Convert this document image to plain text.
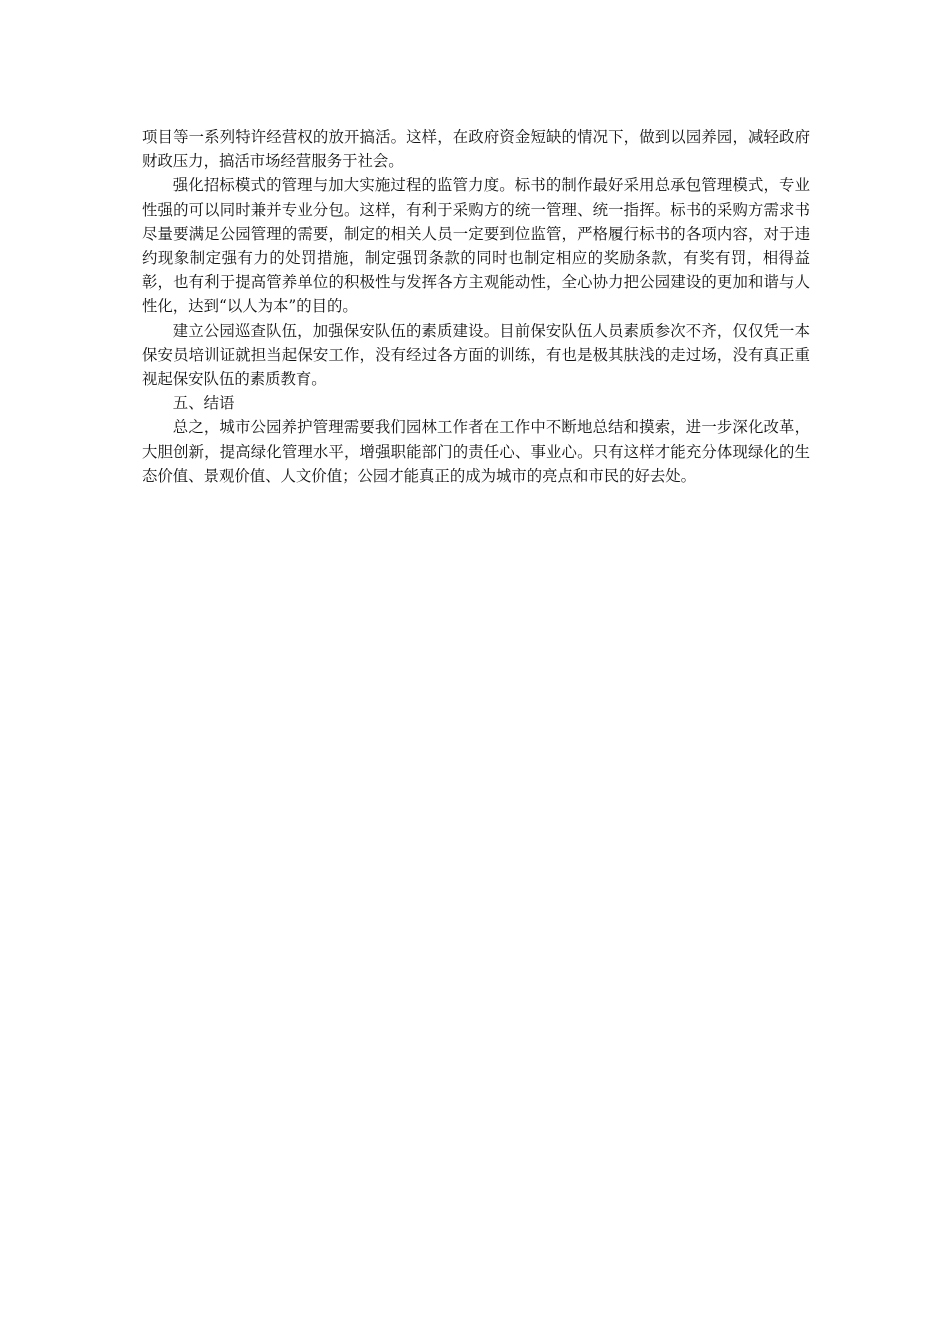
项目等一系列特许经营权的放开搞活。这样，在政府资金短缺的情况下，做到以园养园，减轻政府财政压力，搞活市场经营服务于社会。

强化招标模式的管理与加大实施过程的监管力度。标书的制作最好采用总承包管理模式，专业性强的可以同时兼并专业分包。这样，有利于采购方的统一管理、统一指挥。标书的采购方需求书尽量要满足公园管理的需要，制定的相关人员一定要到位监管，严格履行标书的各项内容，对于违约现象制定强有力的处罚措施，制定强罚条款的同时也制定相应的奖励条款，有奖有罚，相得益彰，也有利于提高管养单位的积极性与发挥各方主观能动性，全心协力把公园建设的更加和谐与人性化，达到“以人为本”的目的。

建立公园巡查队伍，加强保安队伍的素质建设。目前保安队伍人员素质参次不齐，仅仅凭一本保安员培训证就担当起保安工作，没有经过各方面的训练，有也是极其肤浅的走过场，没有真正重视起保安队伍的素质教育。

五、结语

总之，城市公园养护管理需要我们园林工作者在工作中不断地总结和摸索，进一步深化改革，大胆创新，提高绿化管理水平，增强职能部门的责任心、事业心。只有这样才能充分体现绿化的生态价值、景观价值、人文价值；公园才能真正的成为城市的亮点和市民的好去处。
